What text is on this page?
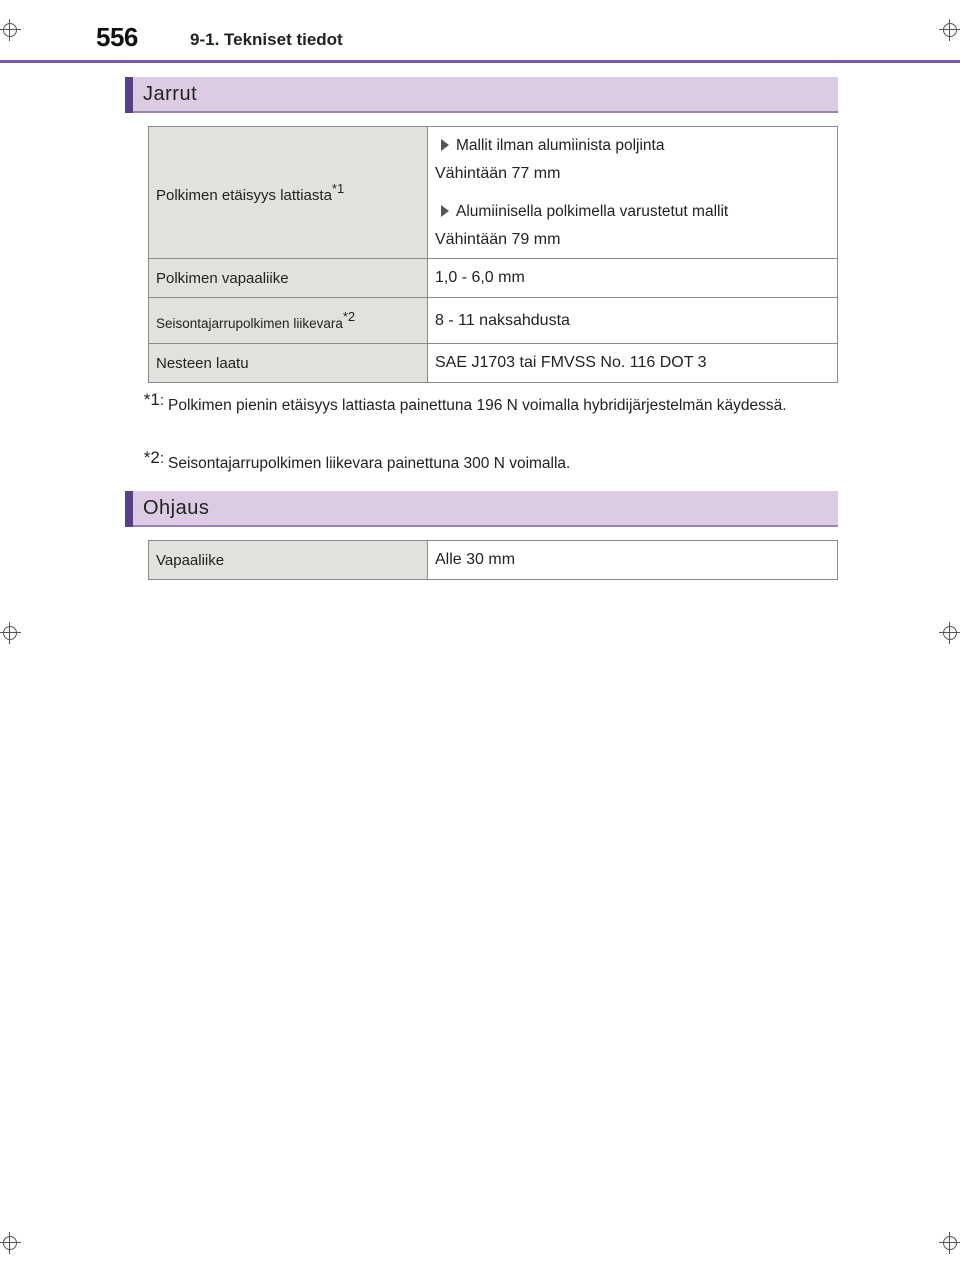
556	9-1. Tekniset tiedot
Jarrut
Polkimen etäisyys lattiasta$^{*1}$	Mallit ilman alumiinista poljinta
Vähintään 77 mm
Alumiinisella polkimella varustetut mallit
Vähintään 79 mm

Polkimen vapaaliike	1,0 - 6,0 mm
Seisontajarrupolkimen liikevara$^{*2}$	8 - 11 naksahdusta
Nesteen laatu	SAE J1703 tai FMVSS No. 116 DOT 3
*1: Polkimen pienin etäisyys lattiasta painettuna 196 N voimalla hybridijärjestelmän käydessä.
*2: Seisontajarrupolkimen liikevara painettuna 300 N voimalla.
Ohjaus
Vapaaliike	Alle 30 mm
